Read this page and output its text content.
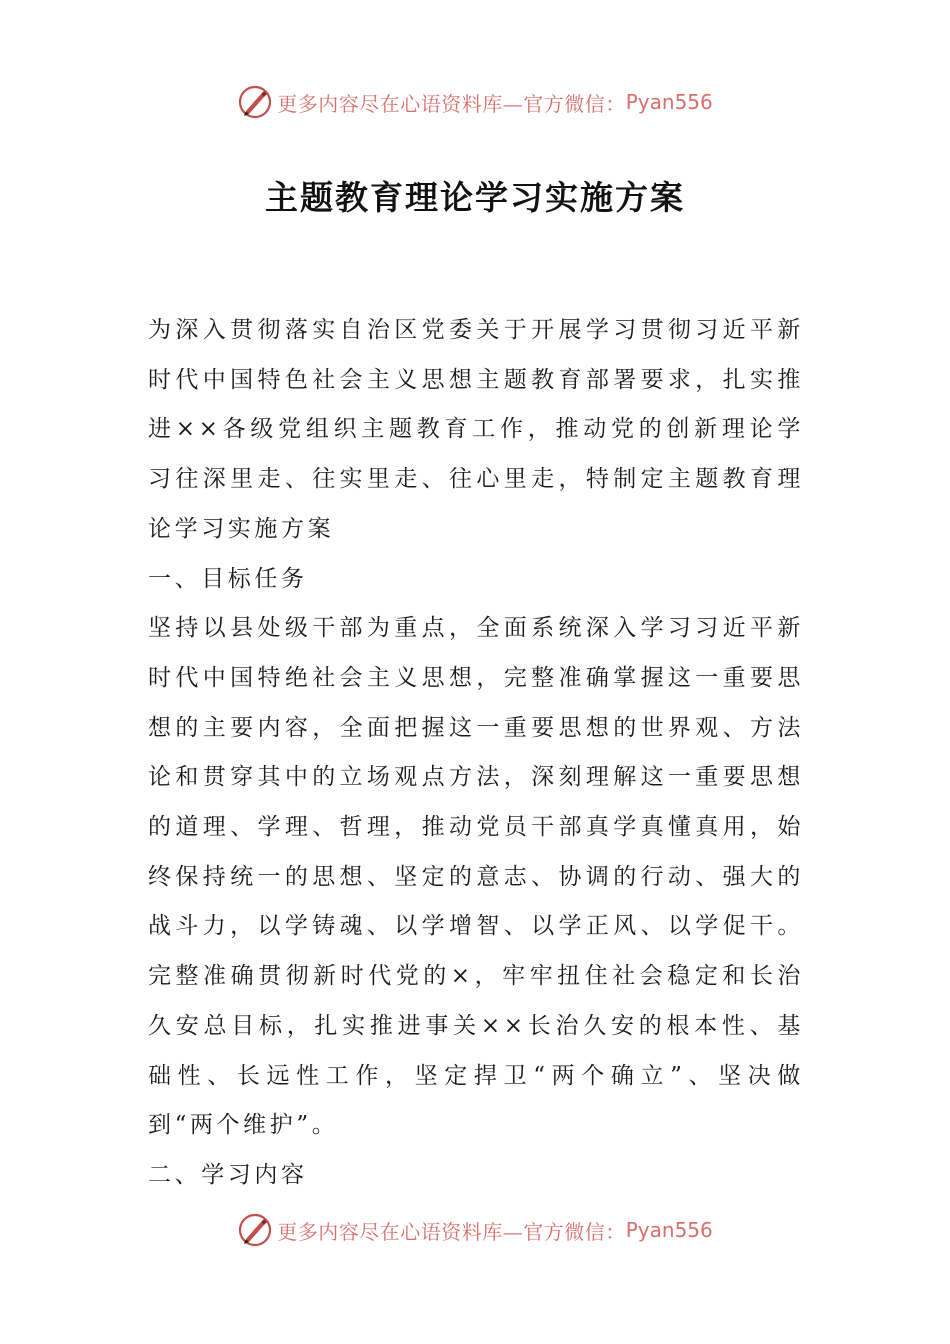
更多内容尽在心语资料库—官方微信： Pyan556
主题教育理论学习实施方案

为深入贯彻落实自治区党委关于开展学习贯彻习近平新时代中国特色社会主义思想主题教育部署要求，扎实推进××各级党组织主题教育工作，推动党的创新理论学习往深里走、往实里走、往心里走，特制定主题教育理论学习实施方案

一、目标任务

坚持以县处级干部为重点，全面系统深入学习习近平新时代中国特绝社会主义思想，完整准确掌握这一重要思想的主要内容，全面把握这一重要思想的世界观、方法论和贯穿其中的立场观点方法，深刻理解这一重要思想的道理、学理、哲理，推动党员干部真学真懂真用，始终保持统一的思想、坚定的意志、协调的行动、强大的战斗力，以学铸魂、以学增智、以学正风、以学促干。完整准确贯彻新时代党的×，牢牢扭住社会稳定和长治久安总目标，扎实推进事关××长治久安的根本性、基础性、长远性工作，坚定捍卫“两个确立”、坚决做到“两个维护”。

二、学习内容

更多内容尽在心语资料库—官方微信： Pyan556
